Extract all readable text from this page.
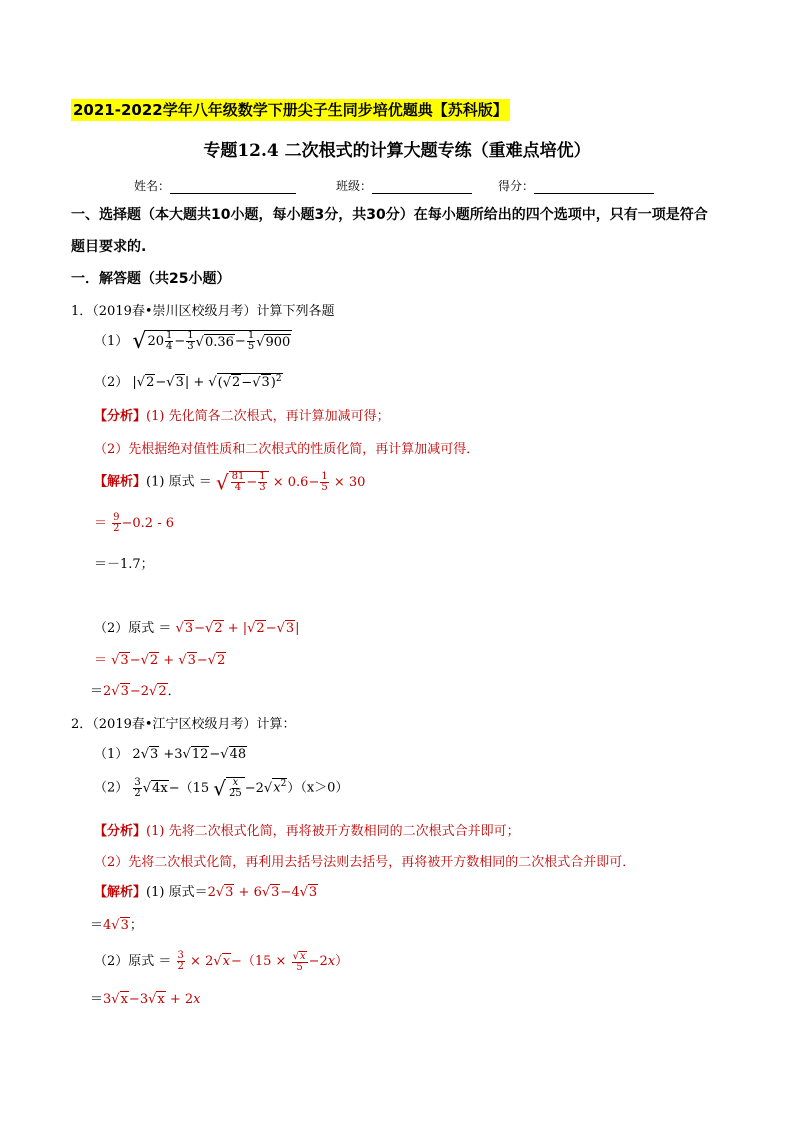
2021-2022学年八年级数学下册尖子生同步培优题典【苏科版】
专题12.4 二次根式的计算大题专练（重难点培优）
姓名：	班级：	得分：
一、选择题（本大题共10小题，每小题3分，共30分）在每小题所给出的四个选项中，只有一项是符合
题目要求的.
一．解答题（共25小题）
1．（2019春•崇川区校级月考）计算下列各题
（1） $√20 \frac{1}{4} - \frac{1}{3} √0.36- \frac{1}{5} √900$
（2） $|√2-√3| + √(√2-√3)^2$
【分析】(1) 先化简各二次根式，再计算加减可得；
（2）先根据绝对值性质和二次根式的性质化简，再计算加减可得．
【解析】(1) 原式 ＝ √ $\frac{81}{4} - \frac{1}{3} \times 0.6- \frac{1}{5} \times 30$
＝ $\frac{9}{2} -0.2 - 6$
＝－1.7；
（2）原式 ＝ √3−√2 + |√2−√3|
＝ √3−√2 + √3−√2
＝2√3−2√2．
2．（2019春•江宁区校级月考）计算：
（1） 2√3 +3√12−√48
$(2) \frac{3}{2} √4x-(15$ √ $\frac{x}{25} -2√x^2)(x>0)$
【分析】(1) 先将二次根式化简，再将被开方数相同的二次根式合并即可；
（2）先将二次根式化简，再利用去括号法则去括号，再将被开方数相同的二次根式合并即可．
【解析】(1) 原式＝2√3 + 6√3−4√3
＝4√3；
（2）原式 ＝ $\frac{3}{2} \times 2√x-(15 \times \frac{√x}{5} -2x)$
＝3√x−3√x + 2x
